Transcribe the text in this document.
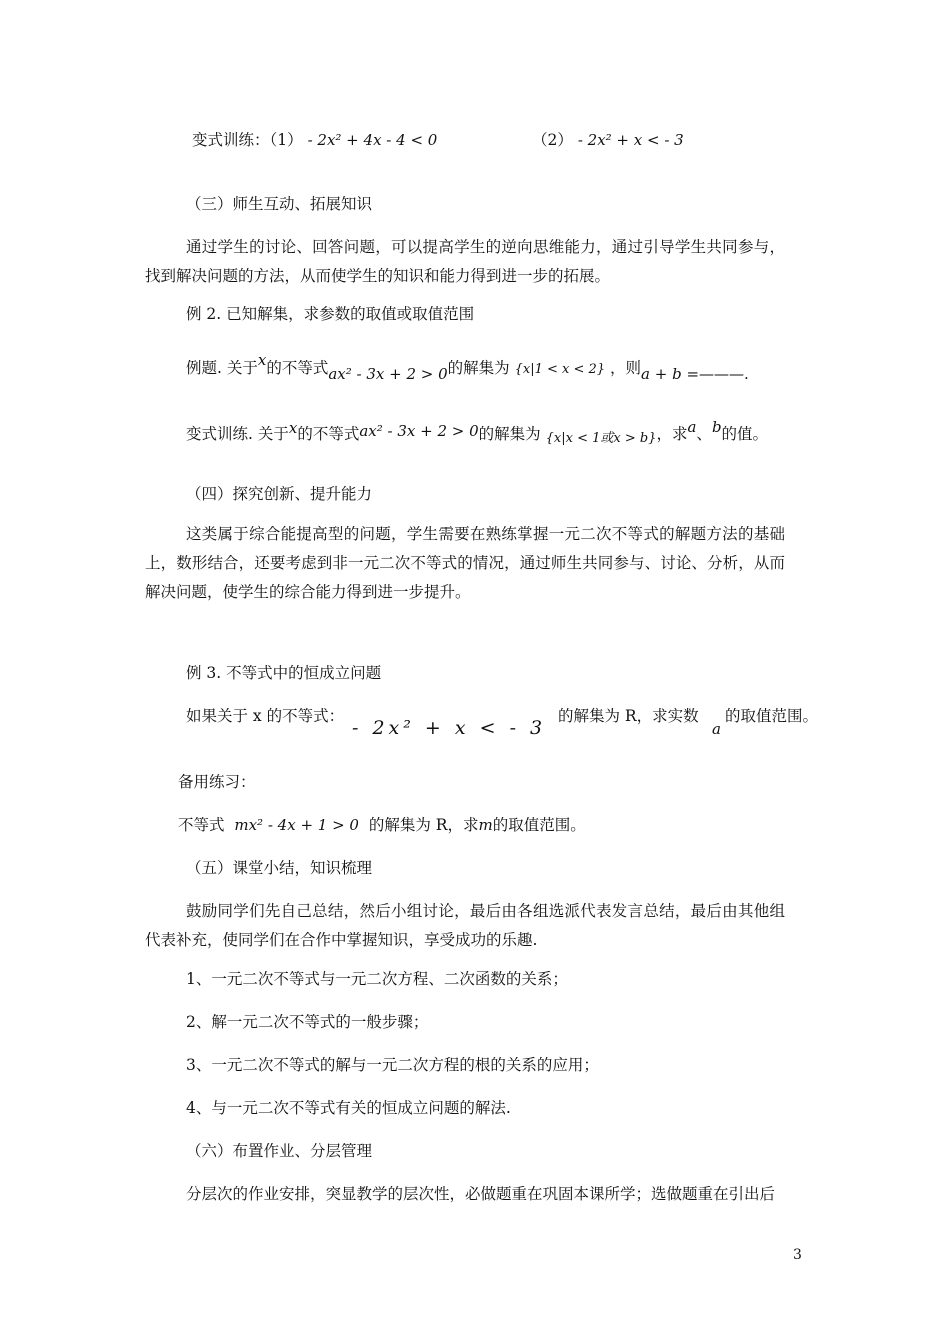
变式训练：（1） - 2x² + 4x - 4 < 0	（2） - 2x² + x < - 3
（三）师生互动、拓展知识
通过学生的讨论、回答问题，可以提高学生的逆向思维能力，通过引导学生共同参与，找到解决问题的方法，从而使学生的知识和能力得到进一步的拓展。
例 2. 已知解集，求参数的取值或取值范围
例题. 关于x的不等式ax² - 3x + 2 > 0的解集为 {x|1 < x < 2} ，则a + b =———.
变式训练. 关于x的不等式ax² - 3x + 2 > 0的解集为 {x|x < 1或x > b}，求a、b的值。
（四）探究创新、提升能力
这类属于综合能提高型的问题，学生需要在熟练掌握一元二次不等式的解题方法的基础上，数形结合，还要考虑到非一元二次不等式的情况，通过师生共同参与、讨论、分析，从而解决问题，使学生的综合能力得到进一步提升。
例 3. 不等式中的恒成立问题
如果关于 x 的不等式：
- 2x² + x < - 3
的解集为 R，求实数
a
的取值范围。
备用练习：
不等式 mx² - 4x + 1 > 0 的解集为 R，求m的取值范围。
（五）课堂小结，知识梳理
鼓励同学们先自己总结，然后小组讨论，最后由各组选派代表发言总结，最后由其他组代表补充，使同学们在合作中掌握知识，享受成功的乐趣.
1、一元二次不等式与一元二次方程、二次函数的关系；
2、解一元二次不等式的一般步骤；
3、一元二次不等式的解与一元二次方程的根的关系的应用；
4、与一元二次不等式有关的恒成立问题的解法.
（六）布置作业、分层管理
分层次的作业安排，突显教学的层次性，必做题重在巩固本课所学；选做题重在引出后
3
